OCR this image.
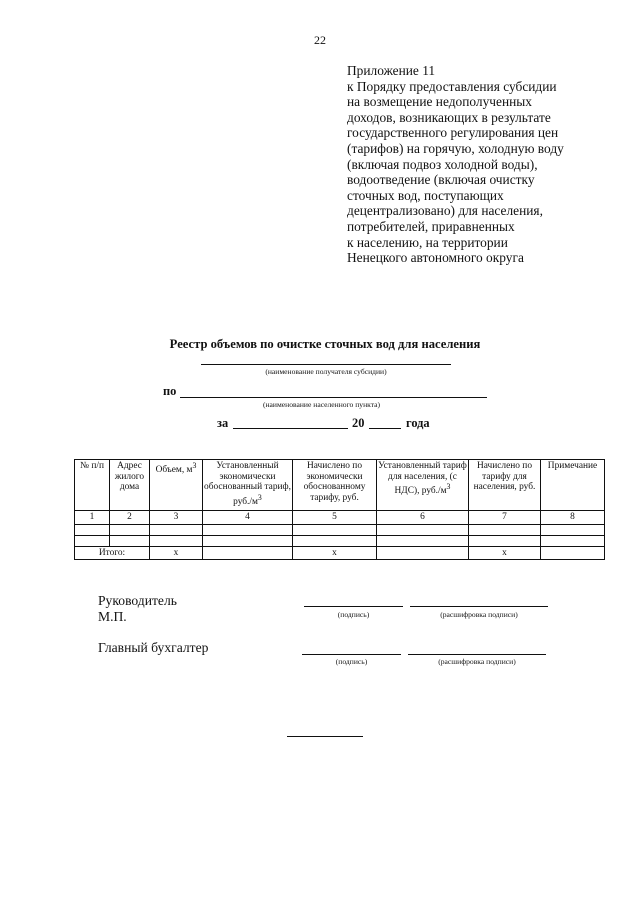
22
Приложение 11
к Порядку предоставления субсидии
на возмещение недополученных
доходов, возникающих в результате
государственного регулирования цен
(тарифов) на горячую, холодную воду
(включая подвоз холодной воды),
водоотведение (включая очистку
сточных вод, поступающих
децентрализовано) для населения,
потребителей, приравненных
к населению, на территории
Ненецкого автономного округа
Реестр объемов по очистке сточных вод для населения
(наименование получателя субсидии)
по
(наименование населенного пункта)
за	20	года
№ п/п	Адрес жилого дома	Объем, $м^3$	Установленный экономически обоснованный тариф, $руб./м^3$	Начислено по экономически обоснованному тарифу, руб.	Установленный тариф для населения, (с НДС), $руб./м^3$	Начислено по тарифу для населения, руб.	Примечание
1	2	3	4	5	6	7	8

Итого:		х		х		х	
Руководитель
М.П.	(подпись)	(расшифровка подписи)
Главный бухгалтер
(подпись)	(расшифровка подписи)
